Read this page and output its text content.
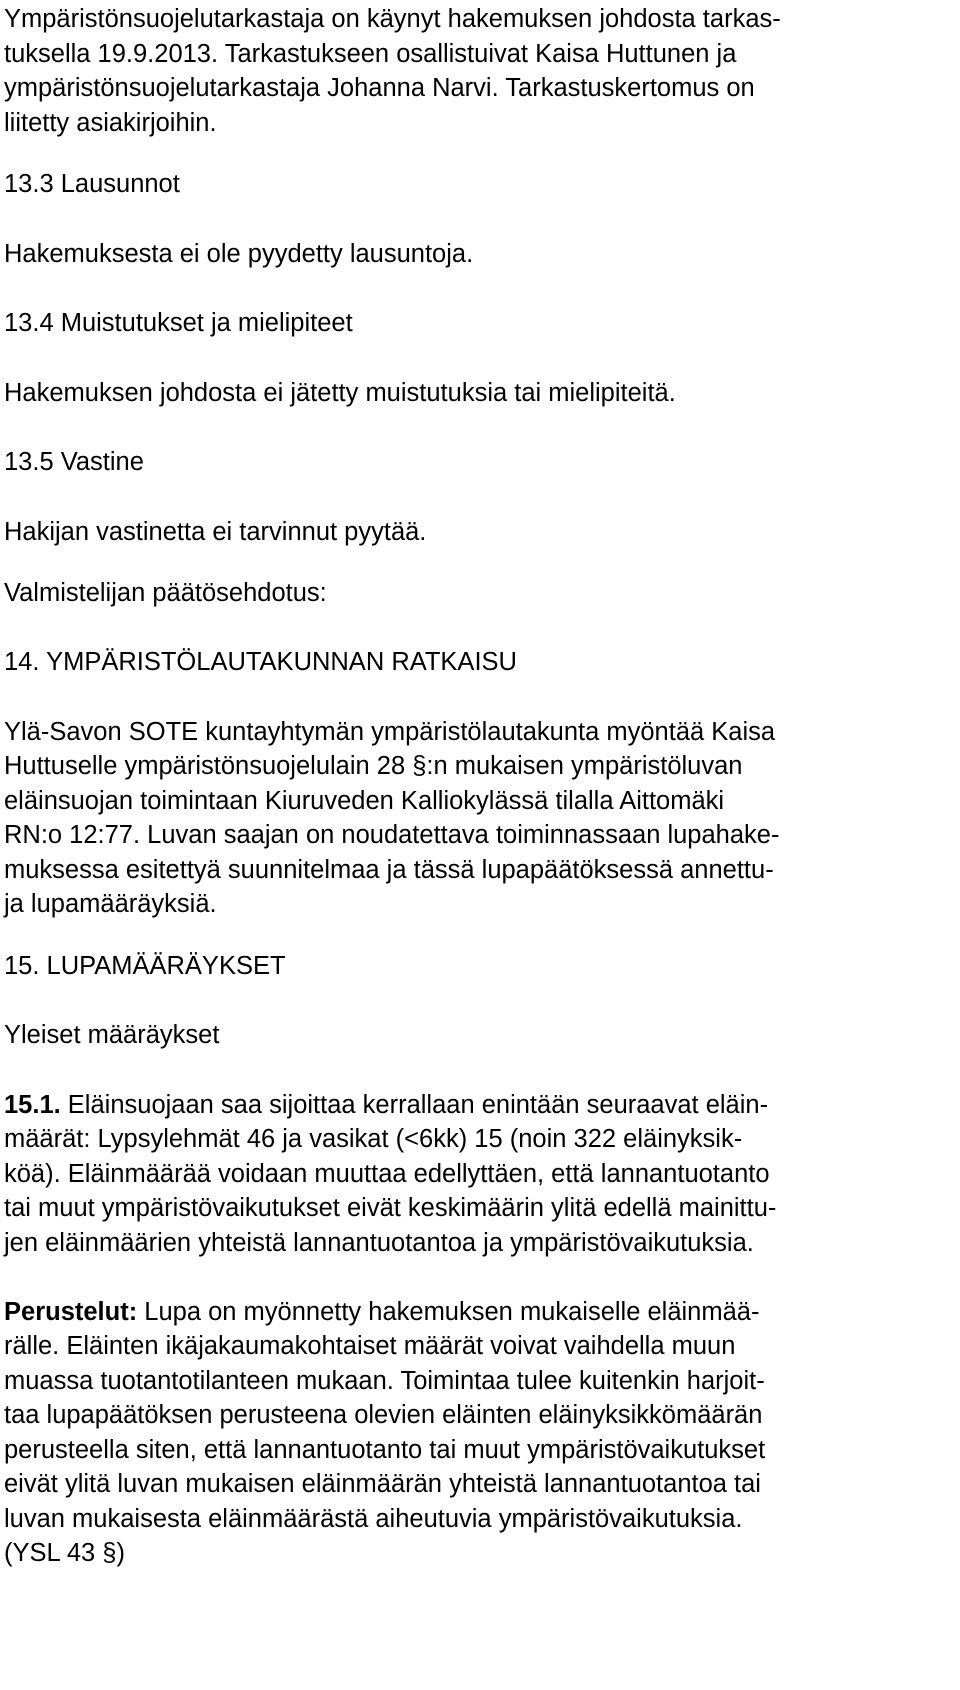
Ympäristönsuojelutarkastaja on käynyt hakemuksen johdosta tarkas-
tuksella 19.9.2013. Tarkastukseen osallistuivat Kaisa Huttunen ja
ympäristönsuojelutarkastaja Johanna Narvi. Tarkastuskertomus on
liitetty asiakirjoihin.
13.3 Lausunnot
Hakemuksesta ei ole pyydetty lausuntoja.
13.4 Muistutukset ja mielipiteet
Hakemuksen johdosta ei jätetty muistutuksia tai mielipiteitä.
13.5 Vastine
Hakijan vastinetta ei tarvinnut pyytää.
Valmistelijan päätösehdotus:
14. YMPÄRISTÖLAUTAKUNNAN RATKAISU
Ylä-Savon SOTE kuntayhtymän ympäristölautakunta myöntää Kaisa
Huttuselle ympäristönsuojelulain 28 §:n mukaisen ympäristöluvan
eläinsuojan toimintaan Kiuruveden Kalliokylässä tilalla Aittomäki
RN:o 12:77. Luvan saajan on noudatettava toiminnassaan lupahake-
muksessa esitettyä suunnitelmaa ja tässä lupapäätöksessä annettu-
ja lupamääräyksiä.
15. LUPAMÄÄRÄYKSET
Yleiset määräykset
15.1. Eläinsuojaan saa sijoittaa kerrallaan enintään seuraavat eläin-
määrät: Lypsylehmät 46 ja vasikat (<6kk) 15 (noin 322 eläinyksik-
köä). Eläinmäärää voidaan muuttaa edellyttäen, että lannantuotanto
tai muut ympäristövaikutukset eivät keskimäärin ylitä edellä mainittu-
jen eläinmäärien yhteistä lannantuotantoa ja ympäristövaikutuksia.
Perustelut: Lupa on myönnetty hakemuksen mukaiselle eläinmää-
rälle. Eläinten ikäjakaumakohtaiset määrät voivat vaihdella muun
muassa tuotantotilanteen mukaan. Toimintaa tulee kuitenkin harjoit-
taa lupapäätöksen perusteena olevien eläinten eläinyksikkömäärän
perusteella siten, että lannantuotanto tai muut ympäristövaikutukset
eivät ylitä luvan mukaisen eläinmäärän yhteistä lannantuotantoa tai
luvan mukaisesta eläinmäärästä aiheutuvia ympäristövaikutuksia.
(YSL 43 §)
